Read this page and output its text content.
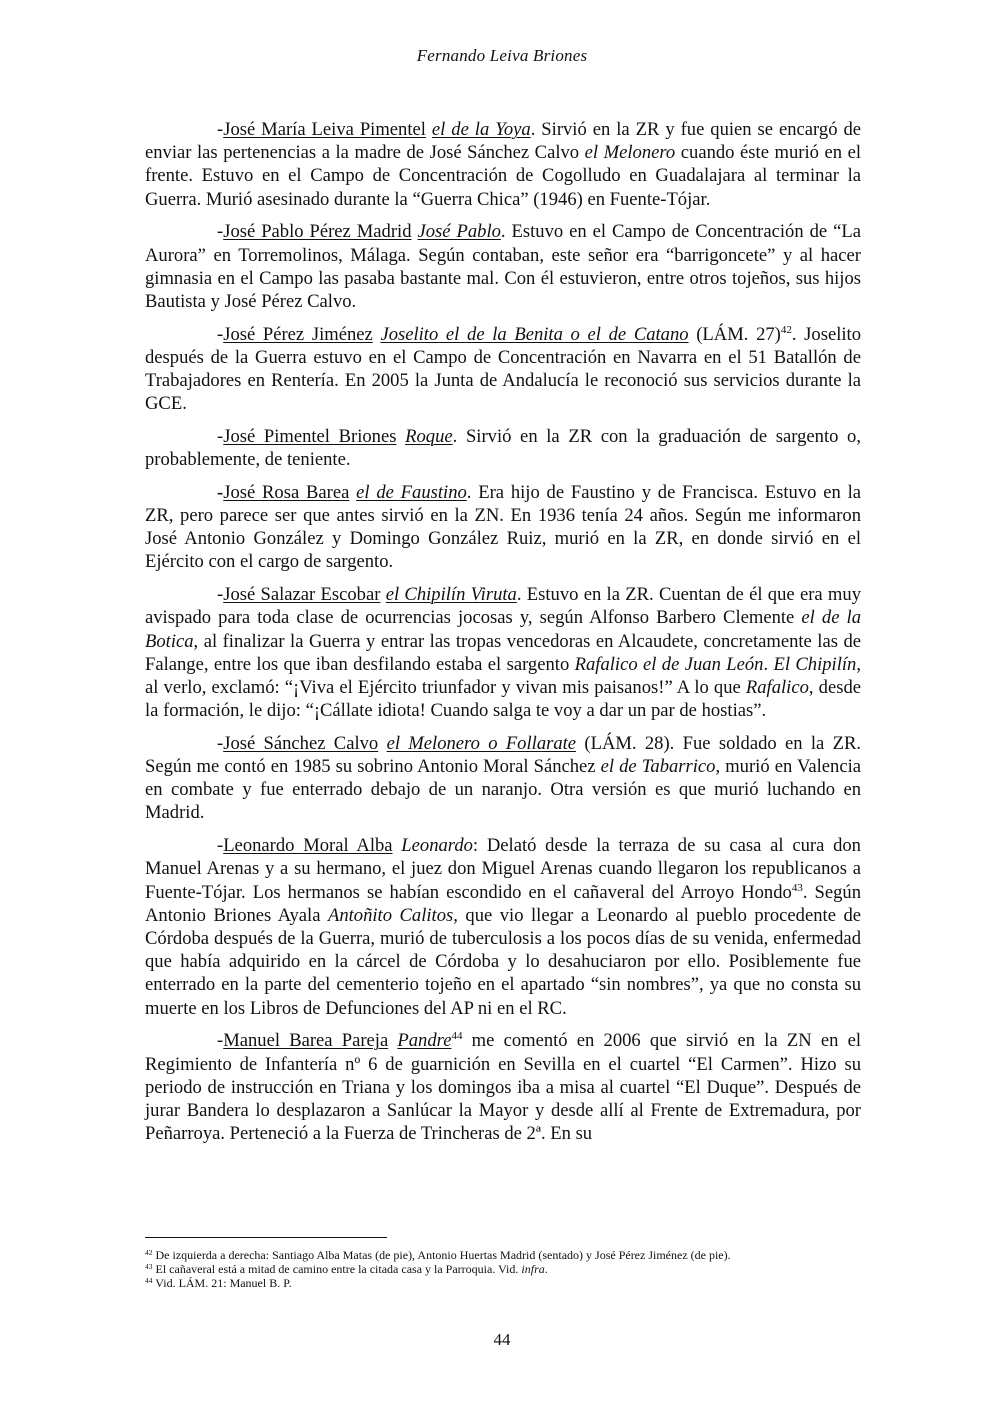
Fernando Leiva Briones

-José María Leiva Pimentel el de la Yoya. Sirvió en la ZR y fue quien se encargó de enviar las pertenencias a la madre de José Sánchez Calvo el Melonero cuando éste murió en el frente. Estuvo en el Campo de Concentración de Cogolludo en Guadalajara al terminar la Guerra. Murió asesinado durante la “Guerra Chica” (1946) en Fuente-Tójar.

-José Pablo Pérez Madrid José Pablo. Estuvo en el Campo de Concentración de “La Aurora” en Torremolinos, Málaga. Según contaban, este señor era “barrigoncete” y al hacer gimnasia en el Campo las pasaba bastante mal. Con él estuvieron, entre otros tojeños, sus hijos Bautista y José Pérez Calvo.

-José Pérez Jiménez Joselito el de la Benita o el de Catano (LÁM. 27)$^{42}$. Joselito después de la Guerra estuvo en el Campo de Concentración en Navarra en el 51 Batallón de Trabajadores en Rentería. En 2005 la Junta de Andalucía le reconoció sus servicios durante la GCE.

-José Pimentel Briones Roque. Sirvió en la ZR con la graduación de sargento o, probablemente, de teniente.

-José Rosa Barea el de Faustino. Era hijo de Faustino y de Francisca. Estuvo en la ZR, pero parece ser que antes sirvió en la ZN. En 1936 tenía 24 años. Según me informaron José Antonio González y Domingo González Ruiz, murió en la ZR, en donde sirvió en el Ejército con el cargo de sargento.

-José Salazar Escobar el Chipilín Viruta. Estuvo en la ZR. Cuentan de él que era muy avispado para toda clase de ocurrencias jocosas y, según Alfonso Barbero Clemente el de la Botica, al finalizar la Guerra y entrar las tropas vencedoras en Alcaudete, concretamente las de Falange, entre los que iban desfilando estaba el sargento Rafalico el de Juan León. El Chipilín, al verlo, exclamó: “¡Viva el Ejército triunfador y vivan mis paisanos!” A lo que Rafalico, desde la formación, le dijo: “¡Cállate idiota! Cuando salga te voy a dar un par de hostias”.

-José Sánchez Calvo el Melonero o Follarate (LÁM. 28). Fue soldado en la ZR. Según me contó en 1985 su sobrino Antonio Moral Sánchez el de Tabarrico, murió en Valencia en combate y fue enterrado debajo de un naranjo. Otra versión es que murió luchando en Madrid.

-Leonardo Moral Alba Leonardo: Delató desde la terraza de su casa al cura don Manuel Arenas y a su hermano, el juez don Miguel Arenas cuando llegaron los republicanos a Fuente-Tójar. Los hermanos se habían escondido en el cañaveral del Arroyo Hondo$^{43}$. Según Antonio Briones Ayala Antoñito Calitos, que vio llegar a Leonardo al pueblo procedente de Córdoba después de la Guerra, murió de tuberculosis a los pocos días de su venida, enfermedad que había adquirido en la cárcel de Córdoba y lo desahuciaron por ello. Posiblemente fue enterrado en la parte del cementerio tojeño en el apartado “sin nombres”, ya que no consta su muerte en los Libros de Defunciones del AP ni en el RC.

-Manuel Barea Pareja Pandre$^{44}$ me comentó en 2006 que sirvió en la ZN en el Regimiento de Infantería nº 6 de guarnición en Sevilla en el cuartel “El Carmen”. Hizo su periodo de instrucción en Triana y los domingos iba a misa al cuartel “El Duque”. Después de jurar Bandera lo desplazaron a Sanlúcar la Mayor y desde allí al Frente de Extremadura, por Peñarroya. Perteneció a la Fuerza de Trincheras de 2ª. En su

$^{42}$ De izquierda a derecha: Santiago Alba Matas (de pie), Antonio Huertas Madrid (sentado) y José Pérez Jiménez (de pie).

$^{43}$ El cañaveral está a mitad de camino entre la citada casa y la Parroquia. Vid. infra.

$^{44}$ Vid. LÁM. 21: Manuel B. P.

44
